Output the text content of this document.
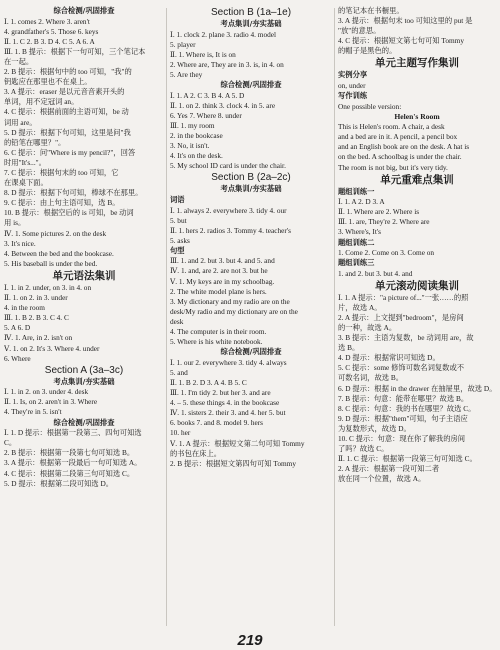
综合检测/巩固排查
Ⅰ. 1. comes 2. Where 3. aren't
4. grandfather's 5. Those 6. keys
Ⅱ. 1. C 2. B 3. D 4. C 5. A 6. A
Ⅲ. 1. B 提示：根据下一句可知，三个笔记本
在一起。
2. B 提示：根据句中的 too 可知，"我"的
钥匙应在那里也不在桌上。
3. A 提示：eraser 是以元音音素开头的
单词，用不定冠词 an。
4. C 提示：根据前面的主语可知，be 动
词用 are。
5. D 提示：根据下句可知，这里是问"我
的铅笔在哪里？"。
6. C 提示：问"Where is my pencil?"，回答
时用"It's..."。
7. C 提示：根据句末的 too 可知，它
在课桌下面。
8. D 提示：根据下句可知，棒球不在那里。
9. C 提示：由上句主语可知，选 B。
10. B 提示：根据空后的 is 可知，be 动词
用 is。
Ⅳ. 1. Some pictures 2. on the desk
3. It's nice.
4. Between the bed and the bookcase.
5. His baseball is under the bed.
单元语法集训
Ⅰ. 1. in 2. under, on 3. in 4. on
Ⅱ. 1. on 2. in 3. under
4. in the room
Ⅲ. 1. B 2. B 3. C 4. C
5. A 6. D
Ⅳ. 1. Are, in 2. isn't on
Ⅴ. 1. on 2. It's 3. Where 4. under
6. Where
Section A (3a–3c)
考点集训/夯实基础
Ⅰ. 1. in 2. on 3. under 4. desk
Ⅱ. 1. Is, on 2. aren't in 3. Where
4. They're in 5. isn't
综合检测/巩固排查
Ⅰ. 1. D 提示：根据第一段第三、四句可知选
C。
2. B 提示：根据第一段第七句可知选 B。
3. A 提示：根据第一段最后一句可知选 A。
4. C 提示：根据第二段第三句可知选 C。
5. D 提示：根据第二段可知选 D。
Section B (1a–1e)
考点集训/夯实基础
Ⅰ. 1. clock 2. plane 3. radio 4. model
5. player
Ⅱ. 1. Where is, It is on
2. Where are, They are in 3. is, in 4. on
5. Are they
综合检测/巩固排查
Ⅰ. 1. A 2. C 3. B 4. A 5. D
Ⅱ. 1. on 2. think 3. clock 4. in 5. are
6. Yes 7. Where 8. under
Ⅲ. 1. my room
2. in the bookcase
3. No, it isn't.
4. It's on the desk.
5. My school ID card is under the chair.
Section B (2a–2c)
考点集训/夯实基础
词语
Ⅰ. 1. always 2. everywhere 3. tidy 4. our
5. but
Ⅱ. 1. hers 2. radios 3. Tommy 4. teacher's
5. asks
句型
Ⅲ. 1. and 2. but 3. but 4. and 5. and
Ⅳ. 1. and, are 2. are not 3. but he
Ⅴ. 1. My keys are in my schoolbag.
2. The white model plane is hers.
3. My dictionary and my radio are on the
desk/My radio and my dictionary are on the
desk
4. The computer is in their room.
5. Where is his white notebook.
综合检测/巩固排查
Ⅰ. 1. our 2. everywhere 3. tidy 4. always
5. and
Ⅱ. 1. B 2. D 3. A 4. B 5. C
Ⅲ. 1. I'm tidy 2. but her 3. and are
4. – 5. these things 4. in the bookcase
Ⅳ. 1. sisters 2. their 3. and 4. her 5. but
6. books 7. and 8. model 9. hers
10. her
Ⅴ. 1. A 提示：根据短文第二句可知 Tommy
的书包在床上。
2. B 提示：根据短文第四句可知 Tommy
的笔记本在书橱里。
3. A 提示：根据句末 too 可知这里的 put 是
"放"的意思。
4. C 提示：根据短文第七句可知 Tommy
的帽子是黑色的。
单元主题写作集训
实例分享
on, under
写作训练
One possible version:
Helen's Room
This is Helen's room. A chair, a desk
and a bed are in it. A pencil, a pencil box
and an English book are on the desk. A hat is
on the bed. A schoolbag is under the chair.
The room is not big, but it's very tidy.
单元重难点集训
题组训练一
Ⅰ. 1. A 2. D 3. A
Ⅱ. 1. Where are 2. Where is
Ⅲ. 1. are, They're 2. Where are
3. Where's, It's
题组训练二
1. Come 2. Come on 3. Come on
题组训练三
1. and 2. but 3. but 4. and
单元滚动阅读集训
Ⅰ. 1. A 提示："a picture of..."一张……的照
片，故选 A。
2. A 提示：上文提到"bedroom"，是房间
的一种，故选 A。
3. B 提示：主语为复数，be 动词用 are，故
选 B。
4. D 提示：根据常识可知选 D。
5. C 提示：some 修饰可数名词复数或不
可数名词，故选 B。
6. D 提示：根据 in the drawer 在抽屉里，故选 D。
7. B 提示：句意：能带在哪里？故选 B。
8. C 提示：句意：我的书在哪里？故选 C。
9. D 提示：根据"them"可知，句子主语应
为复数形式，故选 D。
10. C 提示：句意：现在你了解我的房间
了吗？故选 C。
Ⅱ. 1. C 提示：根据第一段第三句可知选 C。
2. A 提示：根据第一段可知二者
放在同一个位置，故选 A。
219
